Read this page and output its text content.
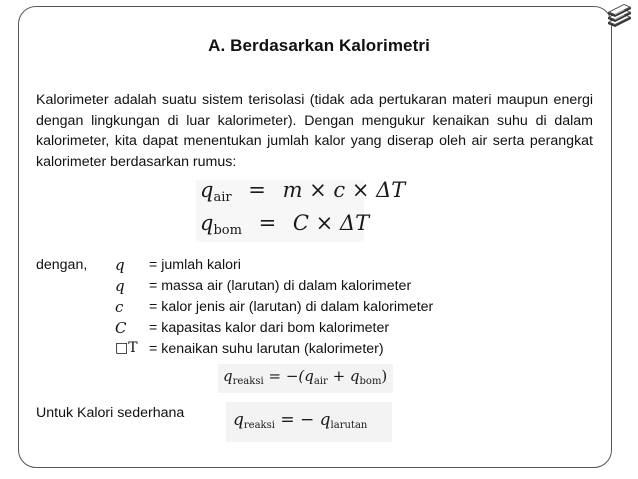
A. Berdasarkan Kalorimetri
Kalorimeter adalah suatu sistem terisolasi (tidak ada pertukaran materi maupun energi dengan lingkungan di luar kalorimeter). Dengan mengukur kenaikan suhu di dalam kalorimeter, kita dapat menentukan jumlah kalor yang diserap oleh air serta perangkat kalorimeter berdasarkan rumus:
$q_{air} = m \times c \times \Delta T$
$q_{bom} = C \times \Delta T$
dengan, q = jumlah kalori
q = massa air (larutan) di dalam kalorimeter
c = kalor jenis air (larutan) di dalam kalorimeter
C = kapasitas kalor dari bom kalorimeter
□T = kenaikan suhu larutan (kalorimeter)
$q_{reaksi} = -(q_{air} + q_{bom})$
Untuk Kalori sederhana	$q_{reaksi}$ = − $q_{larutan}$
